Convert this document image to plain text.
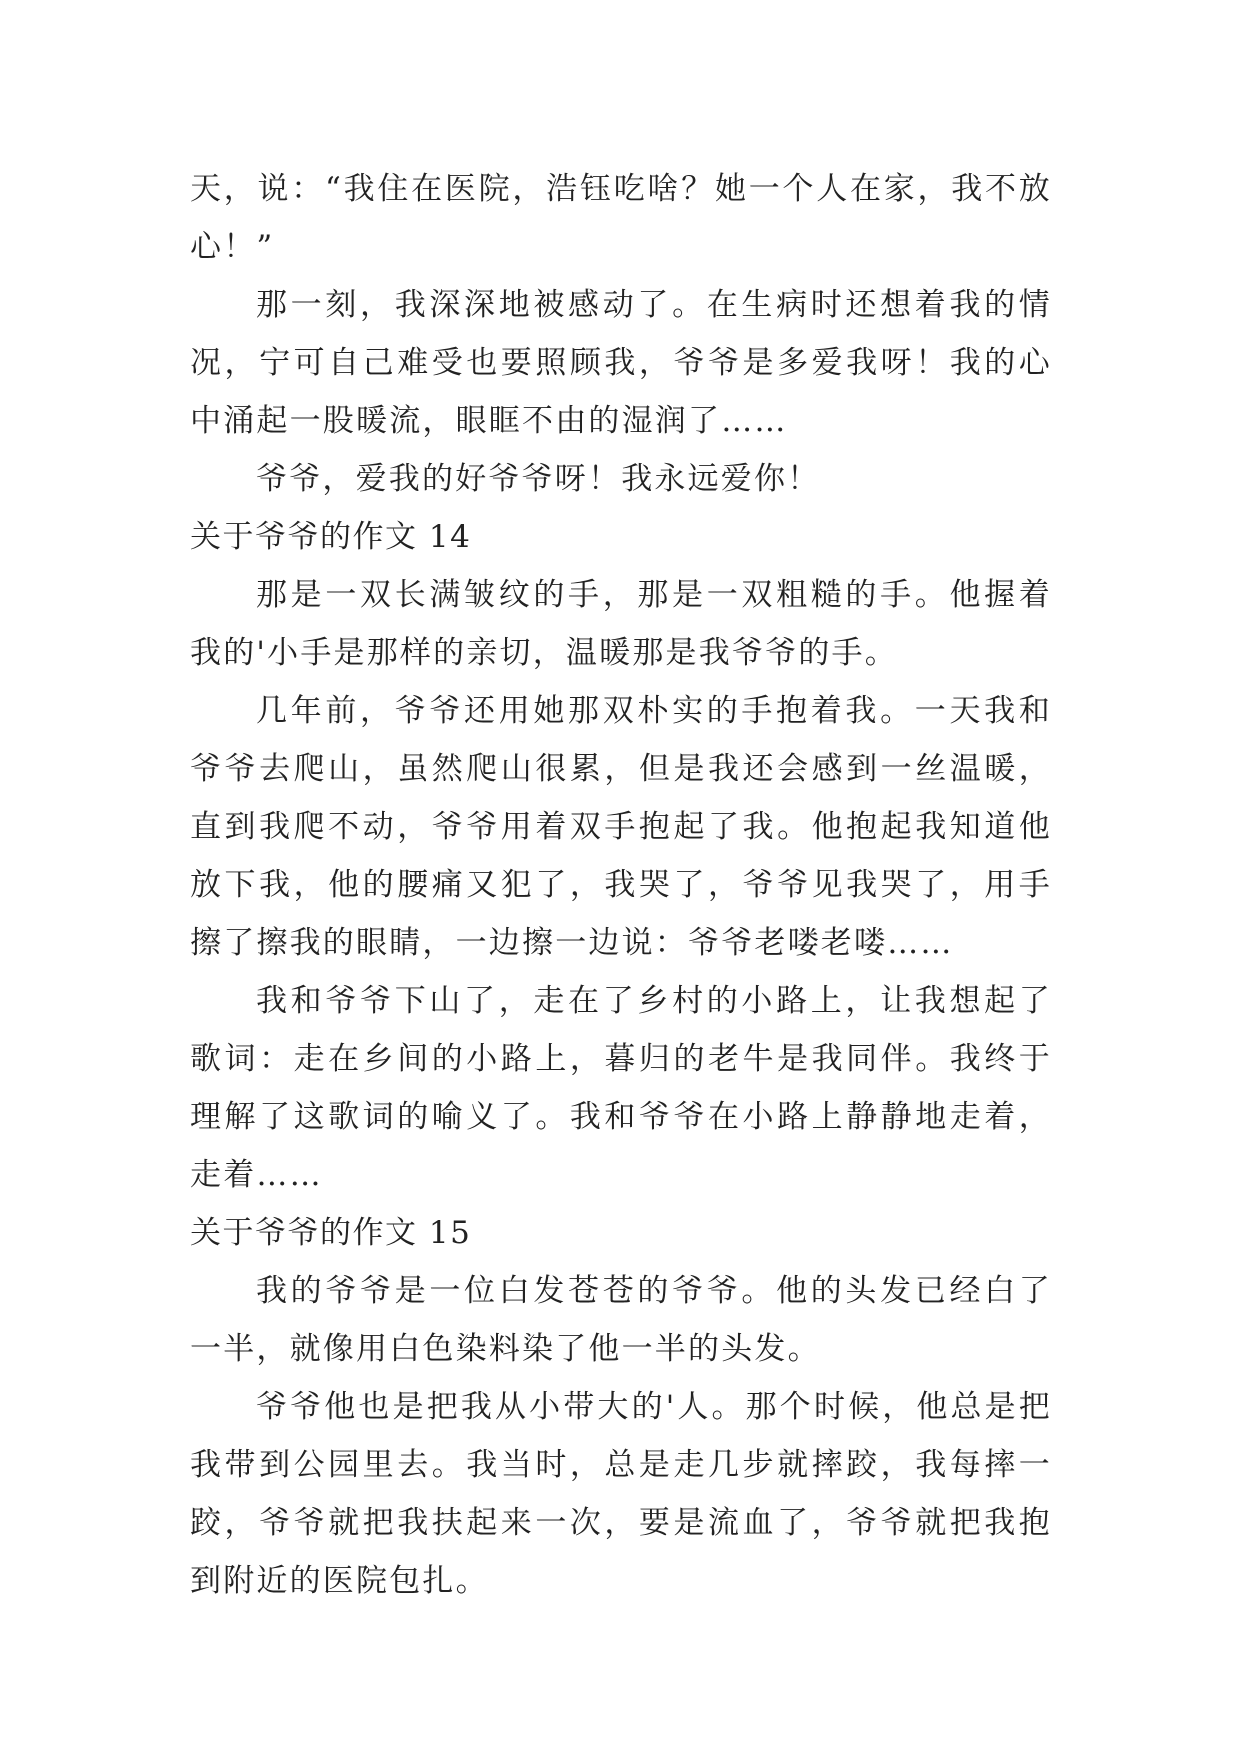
天，说：“我住在医院，浩钰吃啥？她一个人在家，我不放心！”

那一刻，我深深地被感动了。在生病时还想着我的情况，宁可自己难受也要照顾我，爷爷是多爱我呀！我的心中涌起一股暖流，眼眶不由的湿润了……

爷爷，爱我的好爷爷呀！我永远爱你！

关于爷爷的作文 14

那是一双长满皱纹的手，那是一双粗糙的手。他握着我的'小手是那样的亲切，温暖那是我爷爷的手。

几年前，爷爷还用她那双朴实的手抱着我。一天我和爷爷去爬山，虽然爬山很累，但是我还会感到一丝温暖，直到我爬不动，爷爷用着双手抱起了我。他抱起我知道他放下我，他的腰痛又犯了，我哭了，爷爷见我哭了，用手擦了擦我的眼睛，一边擦一边说：爷爷老喽老喽……

我和爷爷下山了，走在了乡村的小路上，让我想起了歌词：走在乡间的小路上，暮归的老牛是我同伴。我终于理解了这歌词的喻义了。我和爷爷在小路上静静地走着，走着……

关于爷爷的作文 15

我的爷爷是一位白发苍苍的爷爷。他的头发已经白了一半，就像用白色染料染了他一半的头发。

爷爷他也是把我从小带大的'人。那个时候，他总是把我带到公园里去。我当时，总是走几步就摔跤，我每摔一跤，爷爷就把我扶起来一次，要是流血了，爷爷就把我抱到附近的医院包扎。
